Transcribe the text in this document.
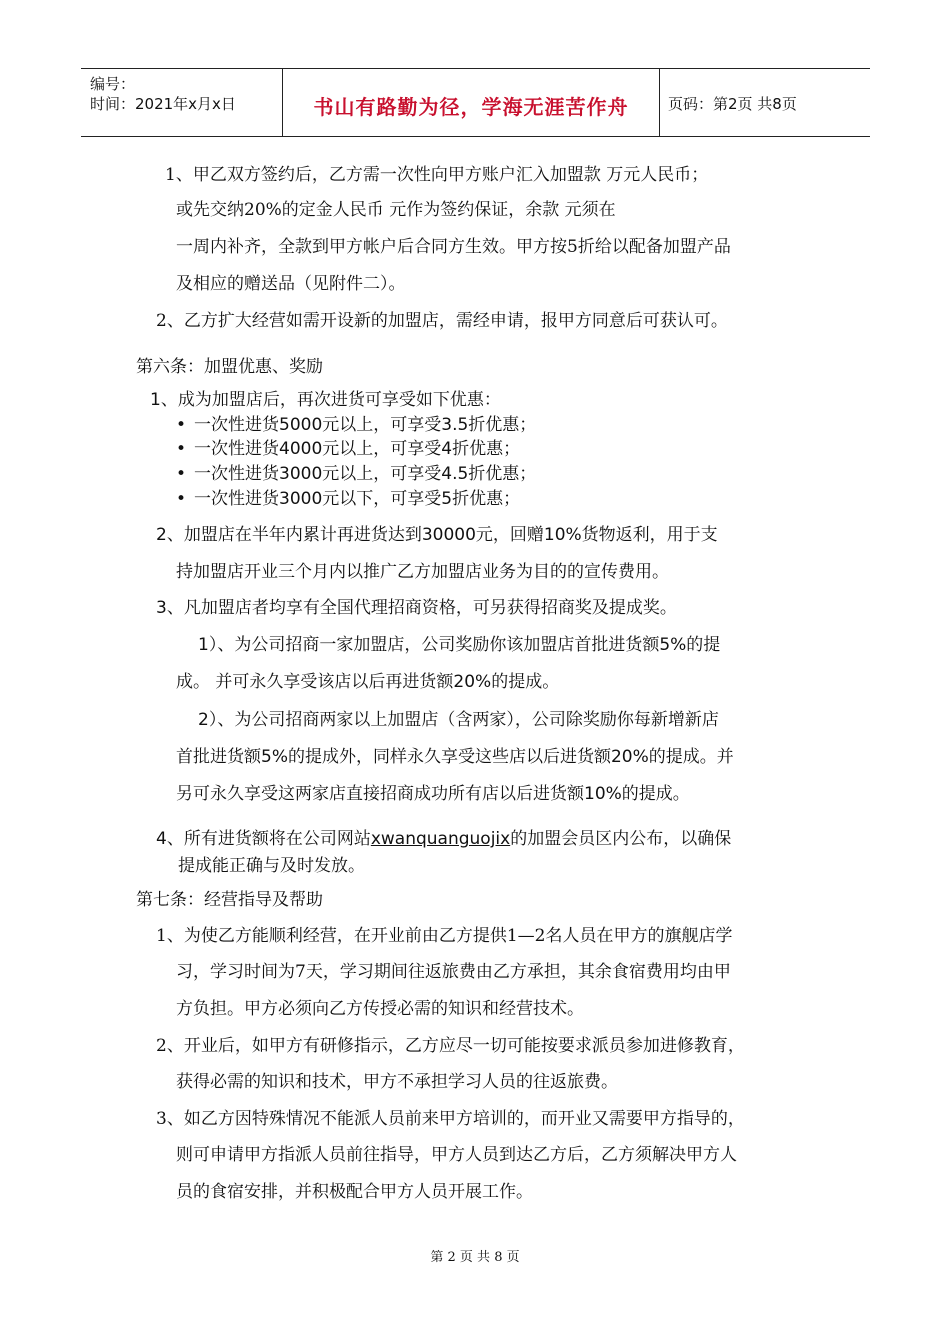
编号：
时间：2021年x月x日	书山有路勤为径，学海无涯苦作舟	页码：第2页 共8页
1、甲乙双方签约后，乙方需一次性向甲方账户汇入加盟款 万元人民币；
或先交纳20%的定金人民币 元作为签约保证，余款 元须在
一周内补齐，全款到甲方帐户后合同方生效。甲方按5折给以配备加盟产品
及相应的赠送品（见附件二）。
2、乙方扩大经营如需开设新的加盟店，需经申请，报甲方同意后可获认可。
第六条：加盟优惠、奖励
1、成为加盟店后，再次进货可享受如下优惠：
• 一次性进货5000元以上，可享受3.5折优惠；
• 一次性进货4000元以上，可享受4折优惠；
• 一次性进货3000元以上，可享受4.5折优惠；
• 一次性进货3000元以下，可享受5折优惠；
2、加盟店在半年内累计再进货达到30000元，回赠10%货物返利，用于支
持加盟店开业三个月内以推广乙方加盟店业务为目的的宣传费用。
3、凡加盟店者均享有全国代理招商资格，可另获得招商奖及提成奖。
1）、为公司招商一家加盟店，公司奖励你该加盟店首批进货额5%的提
成。 并可永久享受该店以后再进货额20%的提成。
2）、为公司招商两家以上加盟店（含两家），公司除奖励你每新增新店
首批进货额5%的提成外，同样永久享受这些店以后进货额20%的提成。并
另可永久享受这两家店直接招商成功所有店以后进货额10%的提成。
4、所有进货额将在公司网站xwanquanguojix的加盟会员区内公布，以确保
提成能正确与及时发放。
第七条：经营指导及帮助
1、为使乙方能顺利经营，在开业前由乙方提供1—2名人员在甲方的旗舰店学
习，学习时间为7天，学习期间往返旅费由乙方承担，其余食宿费用均由甲
方负担。甲方必须向乙方传授必需的知识和经营技术。
2、开业后，如甲方有研修指示，乙方应尽一切可能按要求派员参加进修教育，
获得必需的知识和技术，甲方不承担学习人员的往返旅费。
3、如乙方因特殊情况不能派人员前来甲方培训的，而开业又需要甲方指导的，
则可申请甲方指派人员前往指导，甲方人员到达乙方后，乙方须解决甲方人
员的食宿安排，并积极配合甲方人员开展工作。
第 2 页 共 8 页
